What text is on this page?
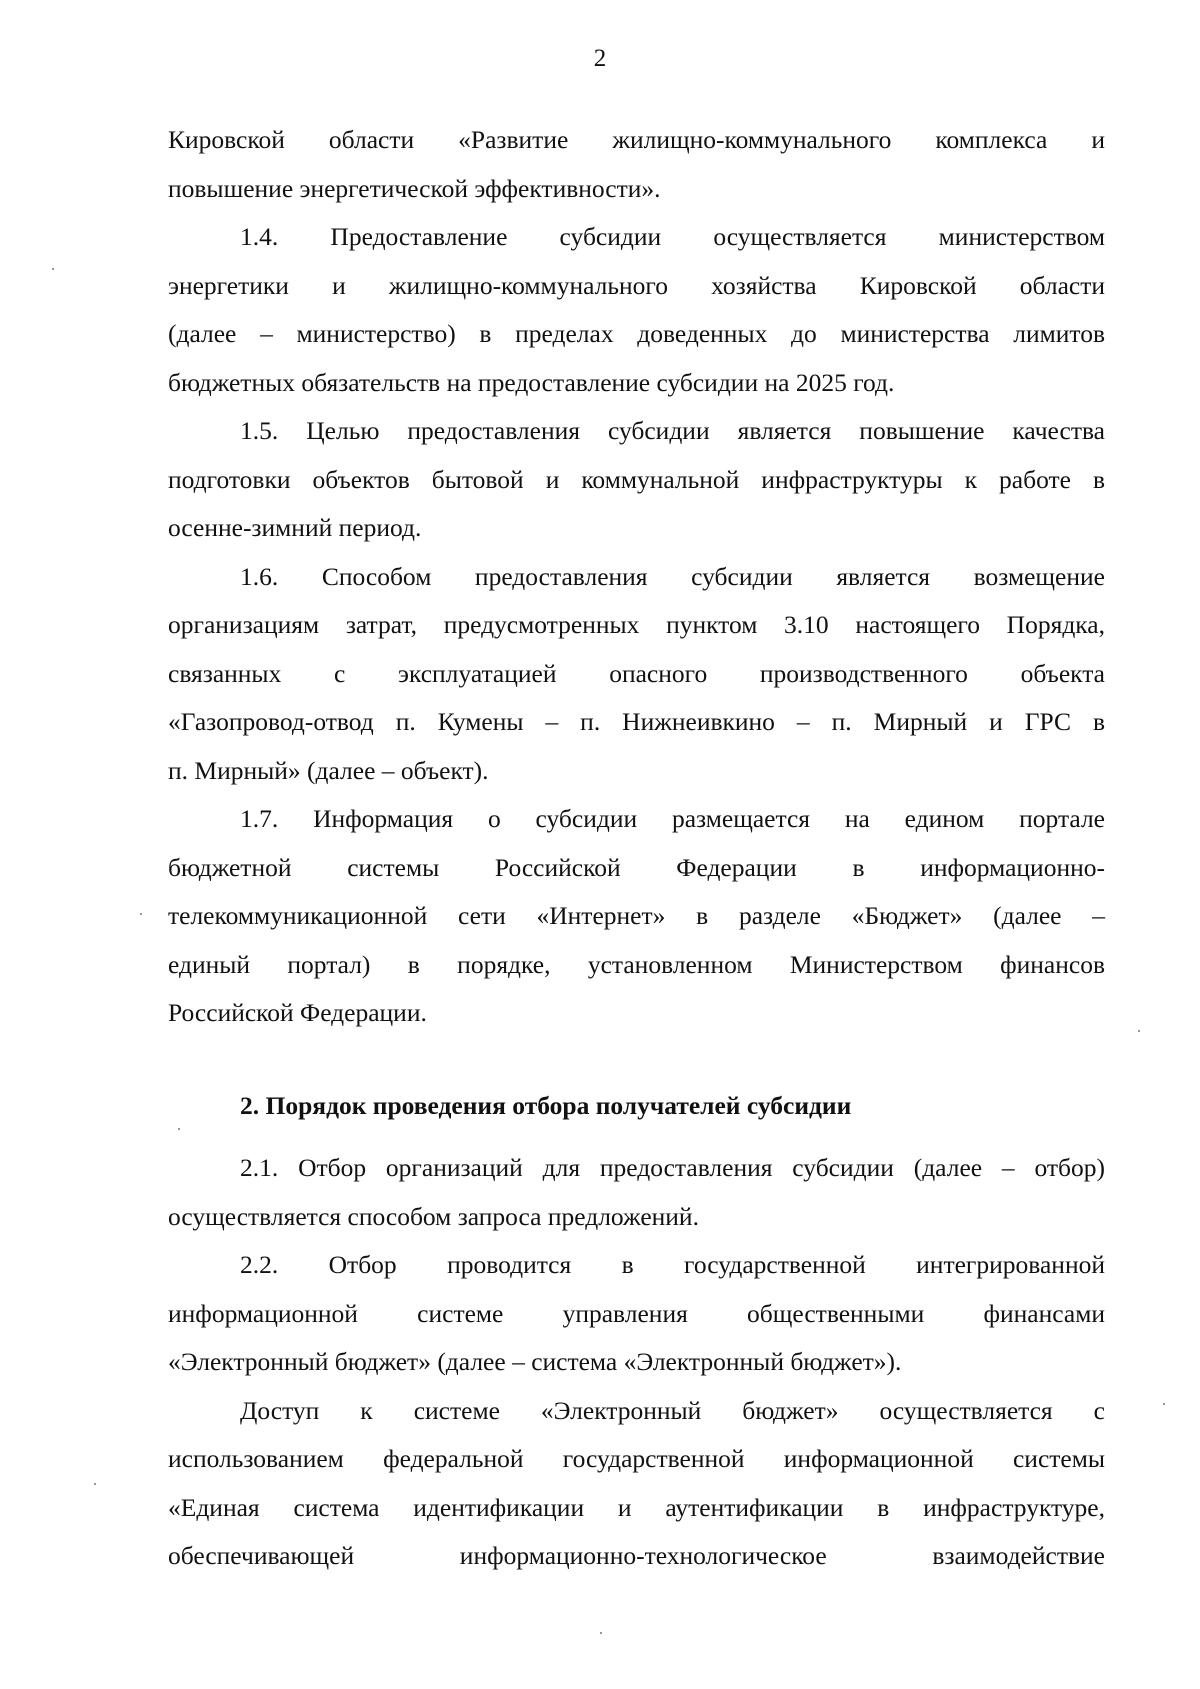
2

Кировской области «Развитие жилищно-коммунального комплекса и
повышение энергетической эффективности».

1.4. Предоставление субсидии осуществляется министерством
энергетики и жилищно-коммунального хозяйства Кировской области
(далее – министерство) в пределах доведенных до министерства лимитов
бюджетных обязательств на предоставление субсидии на 2025 год.

1.5. Целью предоставления субсидии является повышение качества
подготовки объектов бытовой и коммунальной инфраструктуры к работе в
осенне-зимний период.

1.6. Способом предоставления субсидии является возмещение
организациям затрат, предусмотренных пунктом 3.10 настоящего Порядка,
связанных с эксплуатацией опасного производственного объекта
«Газопровод-отвод п. Кумены – п. Нижнеивкино – п. Мирный и ГРС в
п. Мирный» (далее – объект).

1.7. Информация о субсидии размещается на едином портале
бюджетной системы Российской Федерации в информационно-
телекоммуникационной сети «Интернет» в разделе «Бюджет» (далее –
единый портал) в порядке, установленном Министерством финансов
Российской Федерации.

2. Порядок проведения отбора получателей субсидии

2.1. Отбор организаций для предоставления субсидии (далее – отбор)
осуществляется способом запроса предложений.

2.2. Отбор проводится в государственной интегрированной
информационной системе управления общественными финансами
«Электронный бюджет» (далее – система «Электронный бюджет»).

Доступ к системе «Электронный бюджет» осуществляется с
использованием федеральной государственной информационной системы
«Единая система идентификации и аутентификации в инфраструктуре,
обеспечивающей информационно-технологическое взаимодействие
